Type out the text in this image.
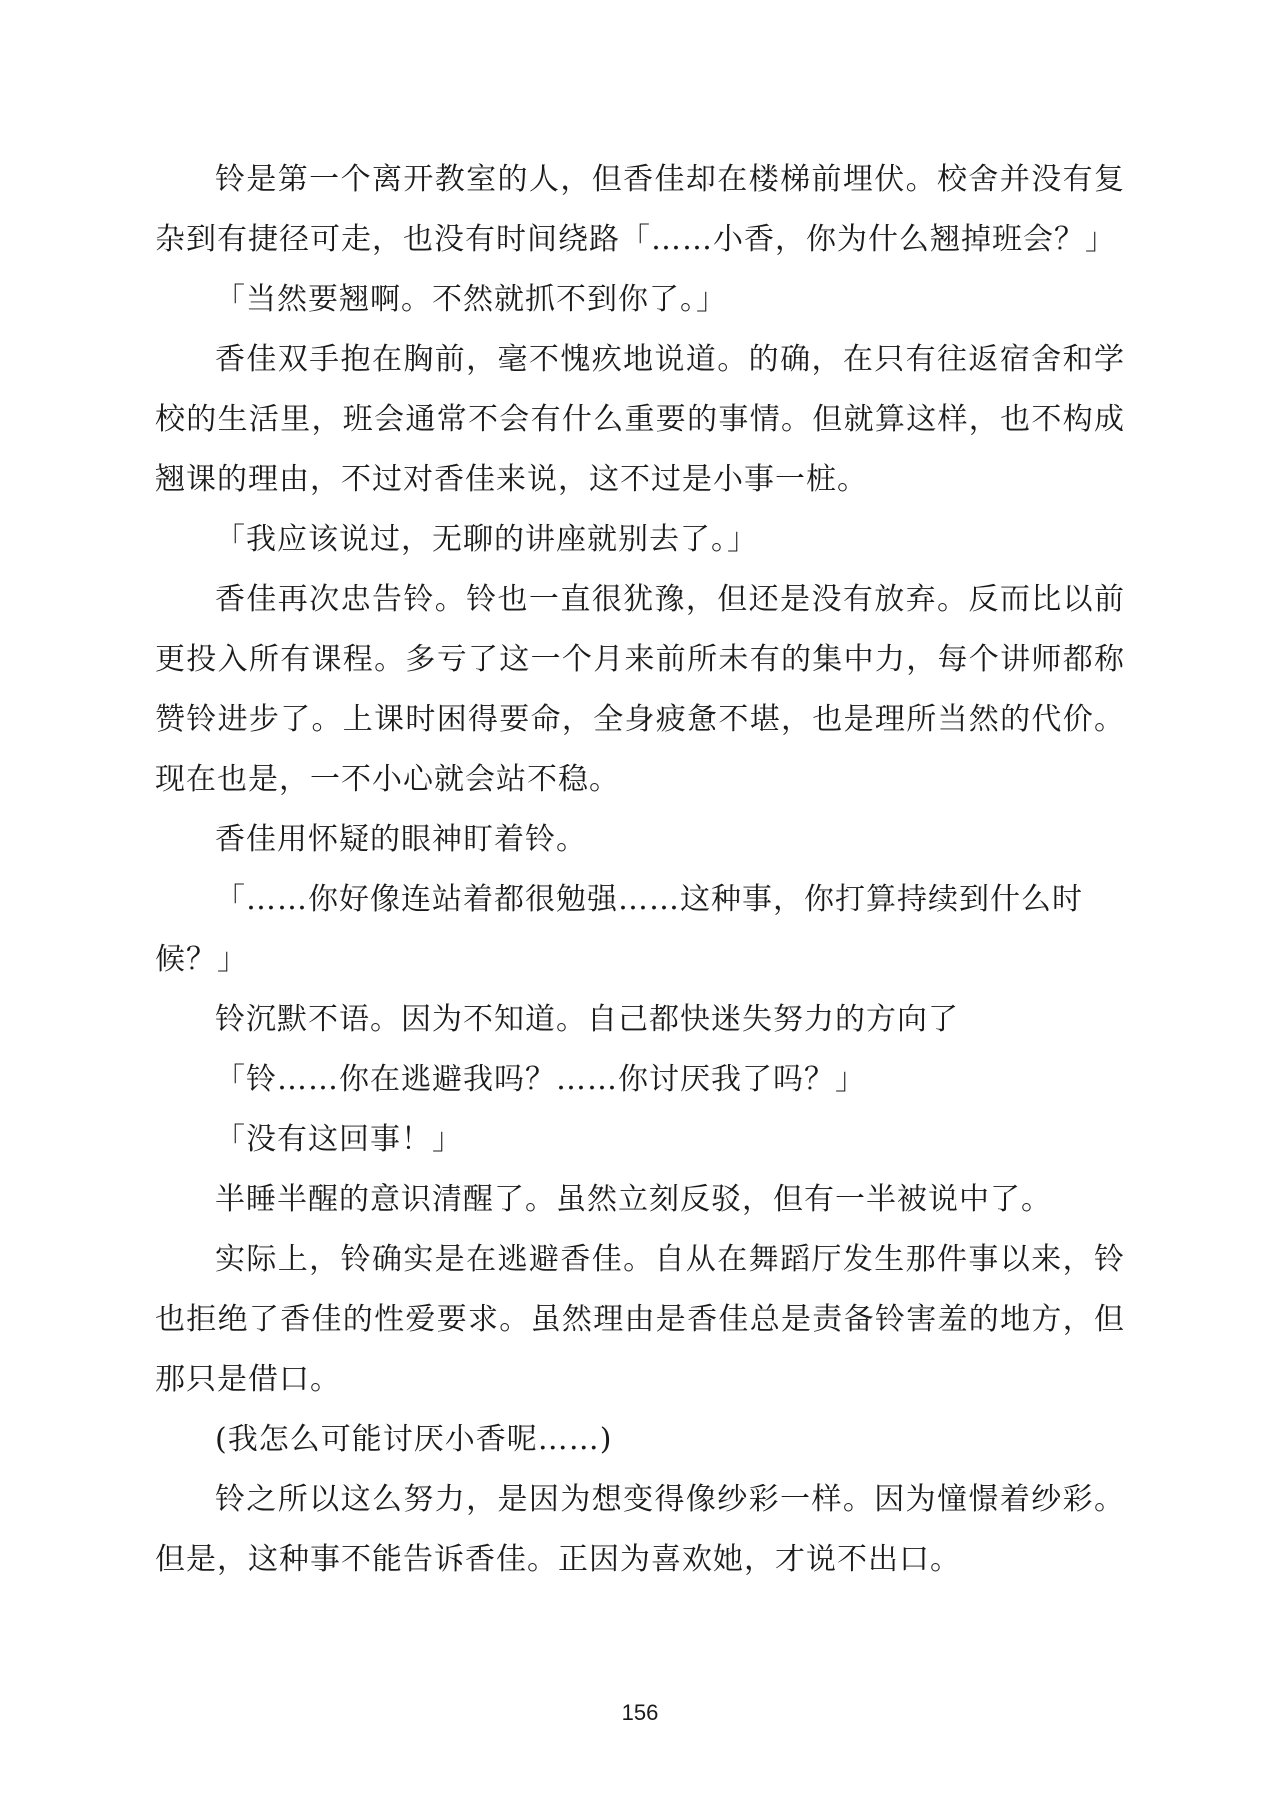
铃是第一个离开教室的人，但香佳却在楼梯前埋伏。校舍并没有复杂到有捷径可走，也没有时间绕路「……小香，你为什么翘掉班会？」

「当然要翘啊。不然就抓不到你了。」

香佳双手抱在胸前，毫不愧疚地说道。的确，在只有往返宿舍和学校的生活里，班会通常不会有什么重要的事情。但就算这样，也不构成翘课的理由，不过对香佳来说，这不过是小事一桩。

「我应该说过，无聊的讲座就别去了。」

香佳再次忠告铃。铃也一直很犹豫，但还是没有放弃。反而比以前更投入所有课程。多亏了这一个月来前所未有的集中力，每个讲师都称赞铃进步了。上课时困得要命，全身疲惫不堪，也是理所当然的代价。现在也是，一不小心就会站不稳。

香佳用怀疑的眼神盯着铃。

「……你好像连站着都很勉强……这种事，你打算持续到什么时
候？」

铃沉默不语。因为不知道。自己都快迷失努力的方向了

「铃……你在逃避我吗？……你讨厌我了吗？」

「没有这回事！」

半睡半醒的意识清醒了。虽然立刻反驳，但有一半被说中了。

实际上，铃确实是在逃避香佳。自从在舞蹈厅发生那件事以来，铃也拒绝了香佳的性爱要求。虽然理由是香佳总是责备铃害羞的地方，但那只是借口。

(我怎么可能讨厌小香呢……)

铃之所以这么努力，是因为想变得像纱彩一样。因为憧憬着纱彩。但是，这种事不能告诉香佳。正因为喜欢她，才说不出口。

156
